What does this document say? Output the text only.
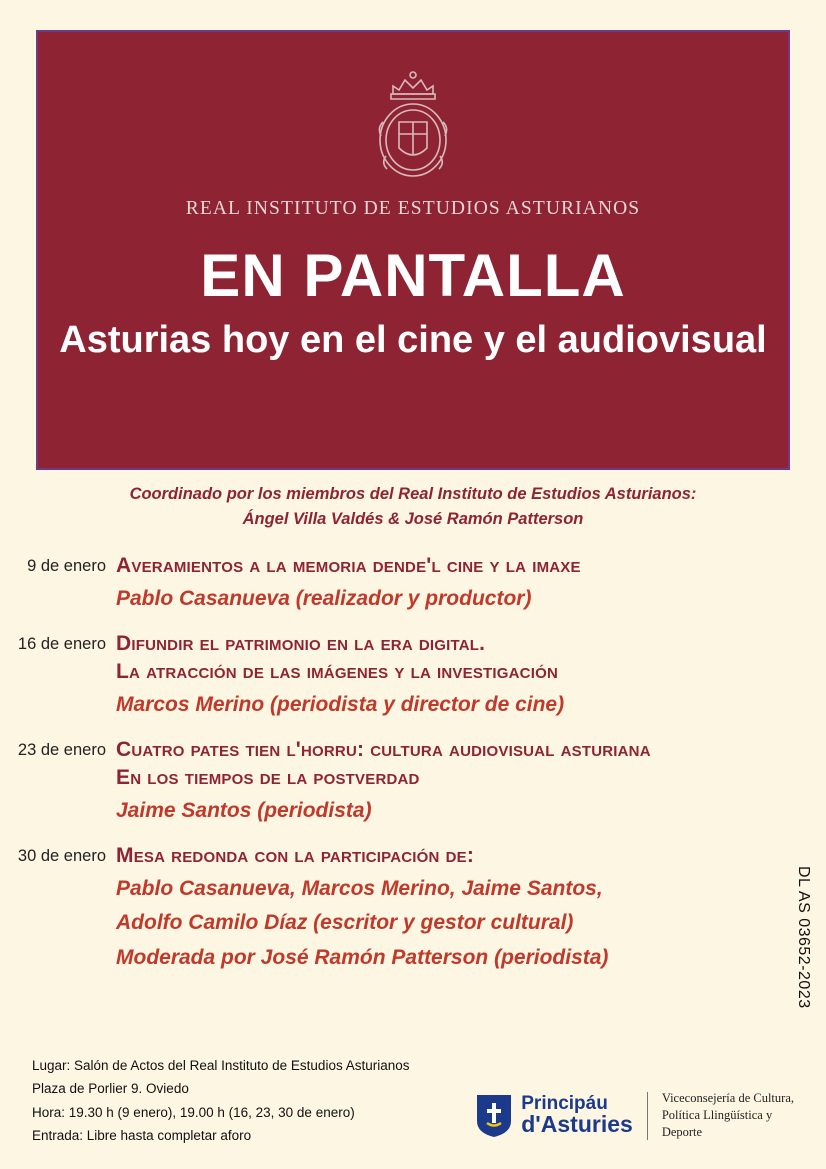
REAL INSTITUTO DE ESTUDIOS ASTURIANOS
EN PANTALLA
Asturias hoy en el cine y el audiovisual
Coordinado por los miembros del Real Instituto de Estudios Asturianos:
Ángel Villa Valdés & José Ramón Patterson
9 de enero averamientos a la memoria dende'l cine y la imaxe
Pablo Casanueva (realizador y productor)
16 de enero difundir el patrimonio en la era digital.
La atracción de las imágenes y la investigación
Marcos Merino (periodista y director de cine)
23 de enero cuatro pates tien l'horru: cultura audiovisual asturiana
En los tiempos de la postverdad
Jaime Santos (periodista)
30 de enero mesa redonda con la participación de:
Pablo Casanueva, Marcos Merino, Jaime Santos,
Adolfo Camilo Díaz (escritor y gestor cultural)
Moderada por José Ramón Patterson (periodista)	DL AS 03652-2023
Lugar: Salón de Actos del Real Instituto de Estudios Asturianos
Plaza de Porlier 9. Oviedo
Hora: 19.30 h (9 enero), 19.00 h (16, 23, 30 de enero)
Entrada: Libre hasta completar aforo
Principáu
d'Asturies
Viceconsejería de Cultura,
Política Llingüística y
Deporte
